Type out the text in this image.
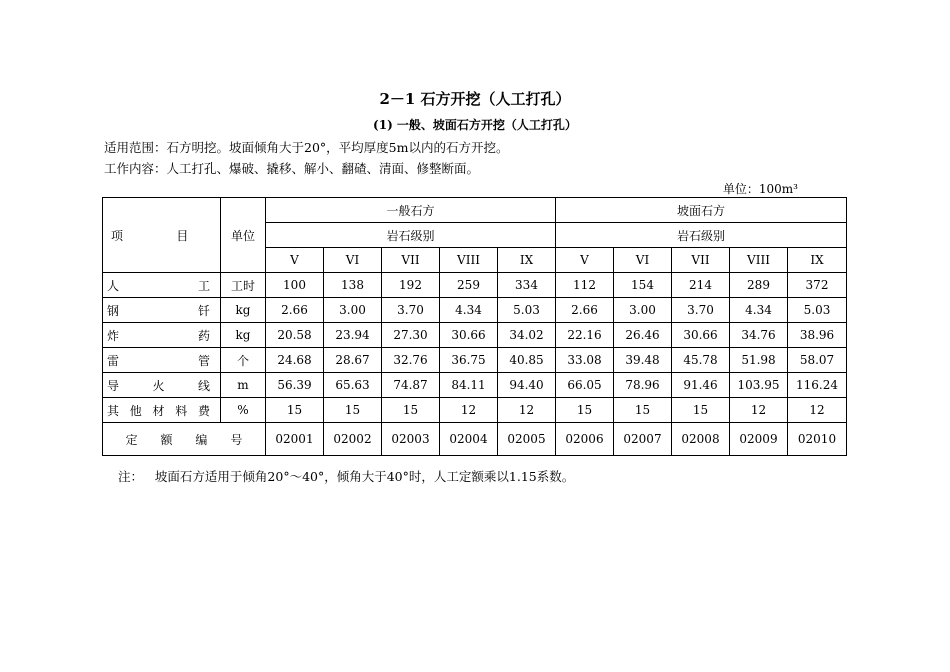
2－1 石方开挖（人工打孔）
(1) 一般、坡面石方开挖（人工打孔）
适用范围：石方明挖。坡面倾角大于20°，平均厚度5m以内的石方开挖。
工作内容：人工打孔、爆破、撬移、解小、翻碴、清面、修整断面。
单位：100m³
项              目	单位	一般石方					坡面石方				
		岩石级别					岩石级别				
		V	VI	VII	VIII	IX	V	VI	VII	VIII	IX
人工	工时	100	138	192	259	334	112	154	214	289	372
钢钎	kg	2.66	3.00	3.70	4.34	5.03	2.66	3.00	3.70	4.34	5.03
炸药	kg	20.58	23.94	27.30	30.66	34.02	22.16	26.46	30.66	34.76	38.96
雷管	个	24.68	28.67	32.76	36.75	40.85	33.08	39.48	45.78	51.98	58.07
导火线	m	56.39	65.63	74.87	84.11	94.40	66.05	78.96	91.46	103.95	116.24
其他材料费	%	15	15	15	12	12	15	15	15	12	12
定      额      编      号		02001	02002	02003	02004	02005	02006	02007	02008	02009	02010
注：   坡面石方适用于倾角20°～40°，倾角大于40°时，人工定额乘以1.15系数。
